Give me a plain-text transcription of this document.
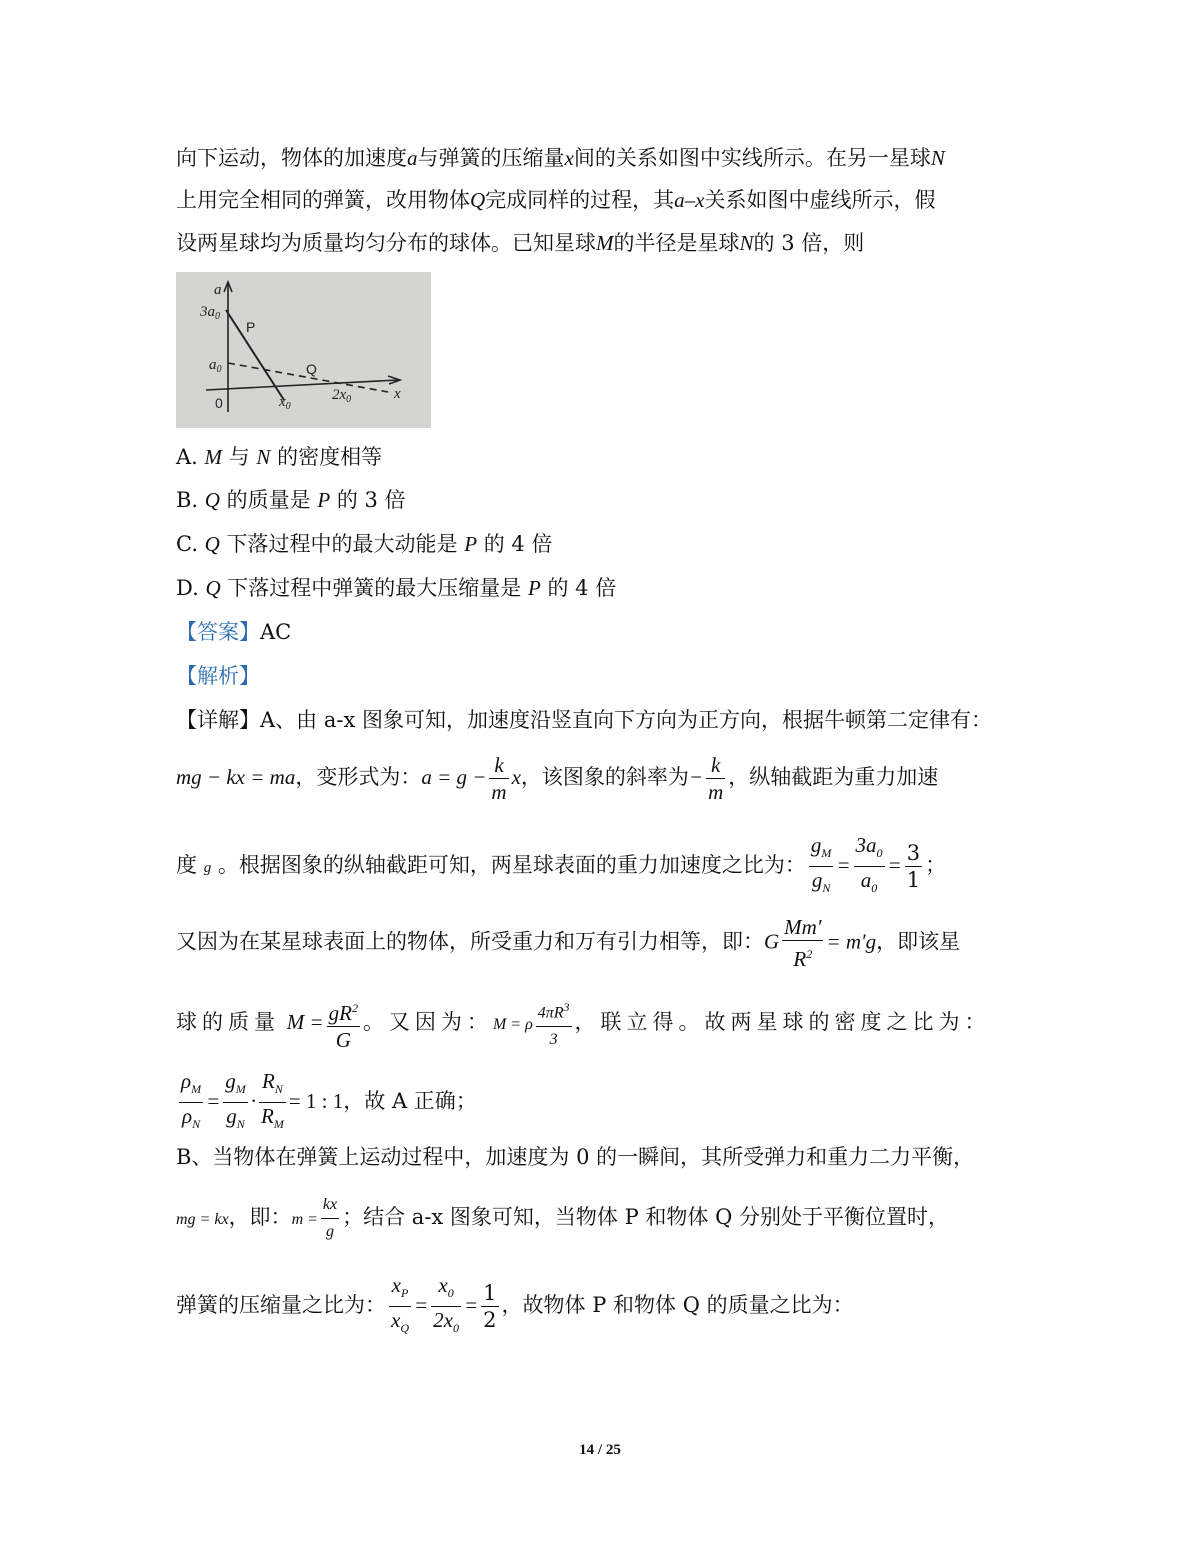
向下运动，物体的加速度a与弹簧的压缩量x间的关系如图中实线所示。在另一星球N
上用完全相同的弹簧，改用物体Q完成同样的过程，其a–x关系如图中虚线所示，假
设两星球均为质量均匀分布的球体。已知星球M的半径是星球N的 3 倍，则
a
x
$3a_0$
$a_0$
$x_0$
$2x_0$
0
P
Q
A. M 与 N 的密度相等
B. Q 的质量是 P 的 3 倍
C. Q 下落过程中的最大动能是 P 的 4 倍
D. Q 下落过程中弹簧的最大压缩量是 P 的 4 倍
【答案】AC
【解析】
【详解】A、由 a-x 图象可知，加速度沿竖直向下方向为正方向，根据牛顿第二定律有：
mg − kx = ma，变形式为：$a = g - \frac{k}{m}$ x，该图象的斜率为− $\frac{k}{m}$ ，纵轴截距为重力加速
度 g 。根据图象的纵轴截距可知，两星球表面的重力加速度之比为： $\frac{g_M}{g_N} = \frac{3a_0}{a_0} = \frac{3}{1}$ ；
又因为在某星球表面上的物体，所受重力和万有引力相等，即：G $\frac{Mm'}{R^2} = m'g$，即该星
球的质量 $M = \frac{gR^2}{G}$ 。又因为：M = ρ $\frac{4\pi R^3}{3}$ ，联立得。故两星球的密度之比为：
$\frac{\rho_M}{\rho_N} = \frac{g_M}{g_N} \cdot \frac{R_N}{R_M} = 1$ : 1，故 A 正确；
B、当物体在弹簧上运动过程中，加速度为 0 的一瞬间，其所受弹力和重力二力平衡，
mg = kx，即：$m = \frac{kx}{g}$ ；结合 a-x 图象可知，当物体 P 和物体 Q 分别处于平衡位置时，
弹簧的压缩量之比为： $\frac{x_P}{x_Q} = \frac{x_0}{2x_0} = \frac{1}{2}$ ，故物体 P 和物体 Q 的质量之比为：
14 / 25
